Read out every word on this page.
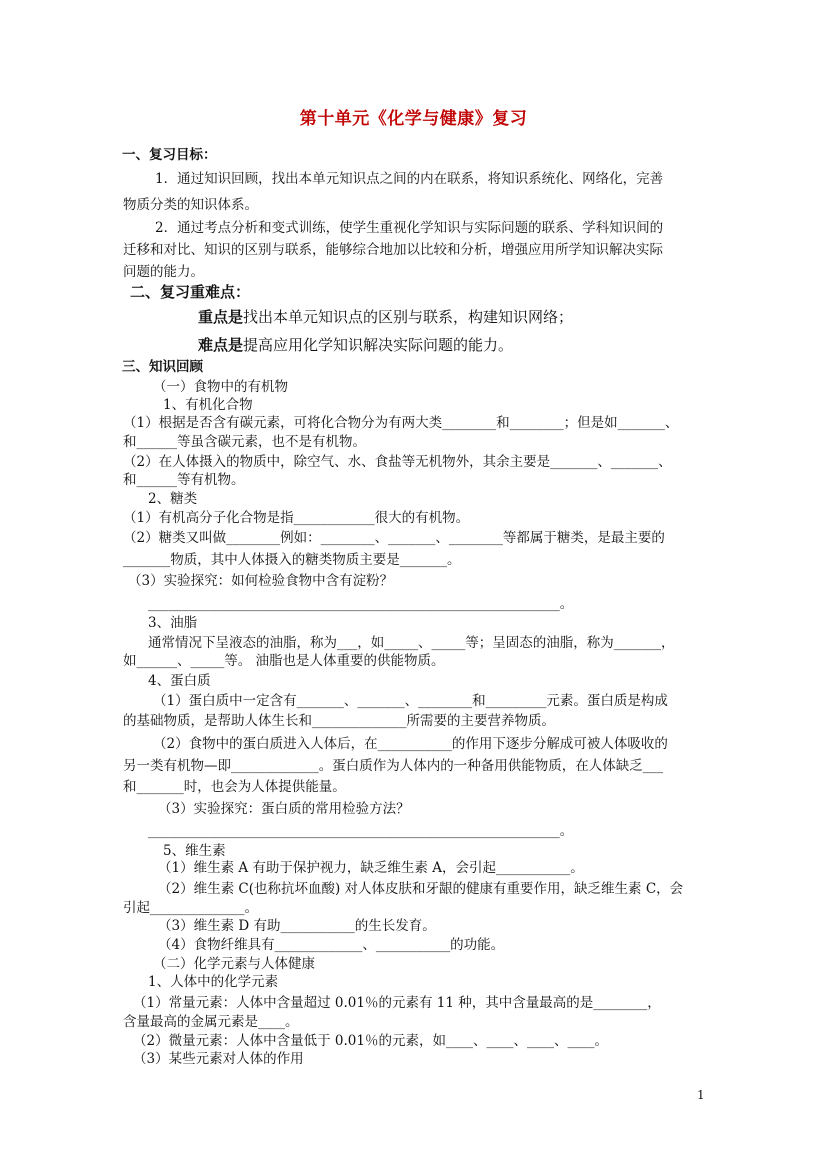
第十单元《化学与健康》复习
一、复习目标：
　　1．通过知识回顾，找出本单元知识点之间的内在联系，将知识系统化、网络化，完善
物质分类的知识体系。
　　2．通过考点分析和变式训练，使学生重视化学知识与实际问题的联系、学科知识间的
迁移和对比、知识的区别与联系，能够综合地加以比较和分析，增强应用所学知识解决实际
问题的能力。
二、复习重难点：
重点是找出本单元知识点的区别与联系，构建知识网络；
难点是提高应用化学知识解决实际问题的能力。
三、知识回顾
（一）食物中的有机物
1、有机化合物
（1）根据是否含有碳元素，可将化合物分为有两大类________和________；但是如_______、
和______等虽含碳元素，也不是有机物。
（2）在人体摄入的物质中，除空气、水、食盐等无机物外，其余主要是_______、_______、
和______等有机物。
2、糖类
（1）有机高分子化合物是指____________很大的有机物。
（2）糖类又叫做________例如：________、_______、________等都属于糖类，是最主要的
_______物质，其中人体摄入的糖类物质主要是_______。
（3）实验探究：如何检验食物中含有淀粉？
_____________________________________________________________。
3、油脂
通常情况下呈液态的油脂，称为___，如_____、_____等；呈固态的油脂，称为_______，
如______、_____等。 油脂也是人体重要的供能物质。
4、蛋白质
（1）蛋白质中一定含有_______、_______、________和_________元素。蛋白质是构成
的基础物质，是帮助人体生长和______________所需要的主要营养物质。
（2）食物中的蛋白质进入人体后，在___________的作用下逐步分解成可被人体吸收的
另一类有机物—即_____________。蛋白质作为人体内的一种备用供能物质，在人体缺乏___
和_______时，也会为人体提供能量。
（3）实验探究：蛋白质的常用检验方法？
_____________________________________________________________。
5、维生素
（1）维生素 A 有助于保护视力，缺乏维生素 A，会引起___________。
（2）维生素 C(也称抗坏血酸) 对人体皮肤和牙龈的健康有重要作用，缺乏维生素 C，会
引起______________。
（3）维生素 D 有助___________的生长发育。
（4）食物纤维具有_____________、___________的功能。
（二）化学元素与人体健康
1、人体中的化学元素
（1）常量元素：人体中含量超过 0.01％的元素有 11 种，其中含量最高的是________，
含量最高的金属元素是____。
（2）微量元素：人体中含量低于 0.01％的元素，如____、____、____、____。
（3）某些元素对人体的作用
1
